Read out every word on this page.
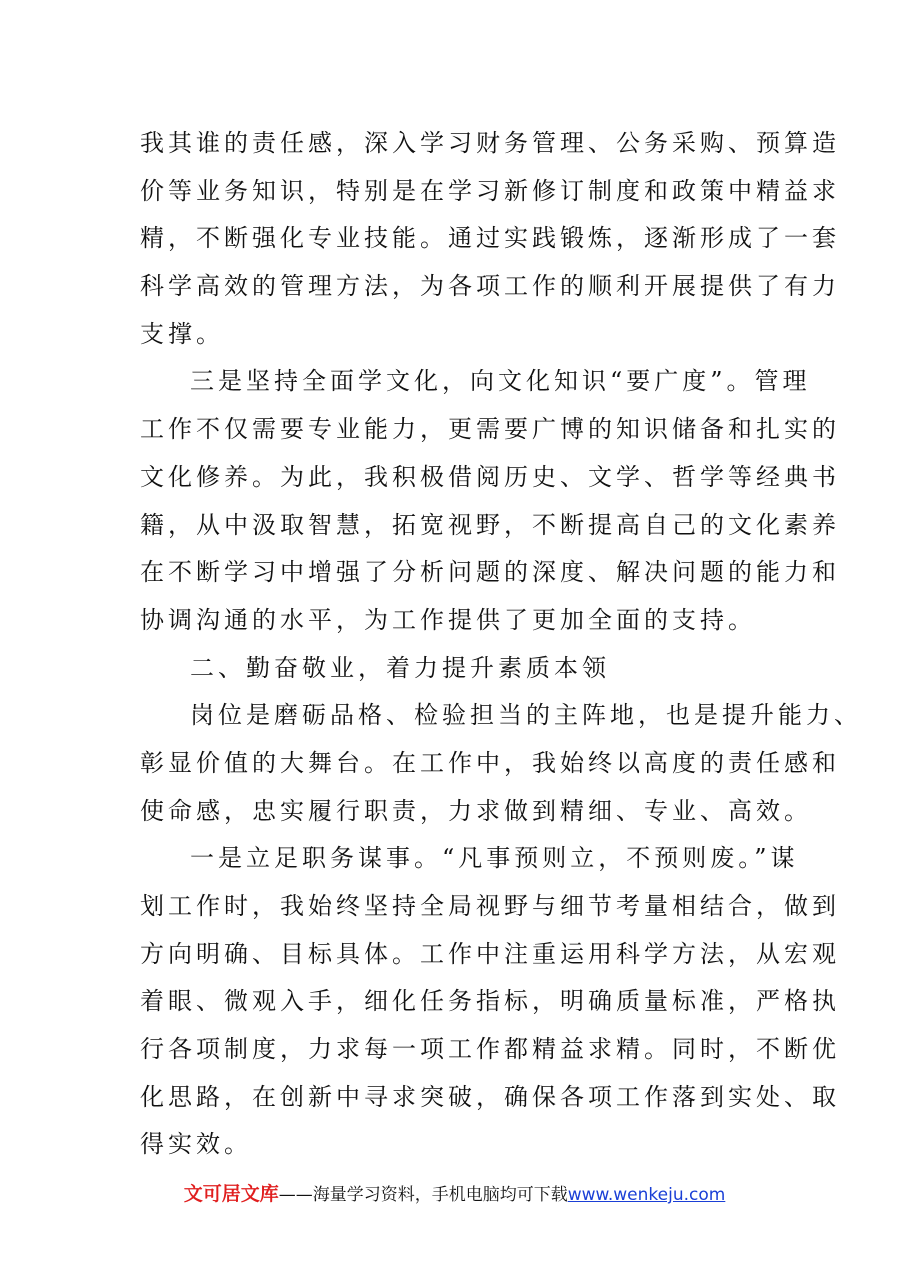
我其谁的责任感，深入学习财务管理、公务采购、预算造
价等业务知识，特别是在学习新修订制度和政策中精益求
精，不断强化专业技能。通过实践锻炼，逐渐形成了一套
科学高效的管理方法，为各项工作的顺利开展提供了有力
支撑。
三是坚持全面学文化，向文化知识“要广度”。管理
工作不仅需要专业能力，更需要广博的知识储备和扎实的
文化修养。为此，我积极借阅历史、文学、哲学等经典书
籍，从中汲取智慧，拓宽视野，不断提高自己的文化素养
在不断学习中增强了分析问题的深度、解决问题的能力和
协调沟通的水平，为工作提供了更加全面的支持。
二、勤奋敬业，着力提升素质本领
岗位是磨砺品格、检验担当的主阵地，也是提升能力、
彰显价值的大舞台。在工作中，我始终以高度的责任感和
使命感，忠实履行职责，力求做到精细、专业、高效。
一是立足职务谋事。“凡事预则立，不预则废。”谋
划工作时，我始终坚持全局视野与细节考量相结合，做到
方向明确、目标具体。工作中注重运用科学方法，从宏观
着眼、微观入手，细化任务指标，明确质量标准，严格执
行各项制度，力求每一项工作都精益求精。同时，不断优
化思路，在创新中寻求突破，确保各项工作落到实处、取
得实效。
文可居文库——海量学习资料，手机电脑均可下载www.wenkeju.com
